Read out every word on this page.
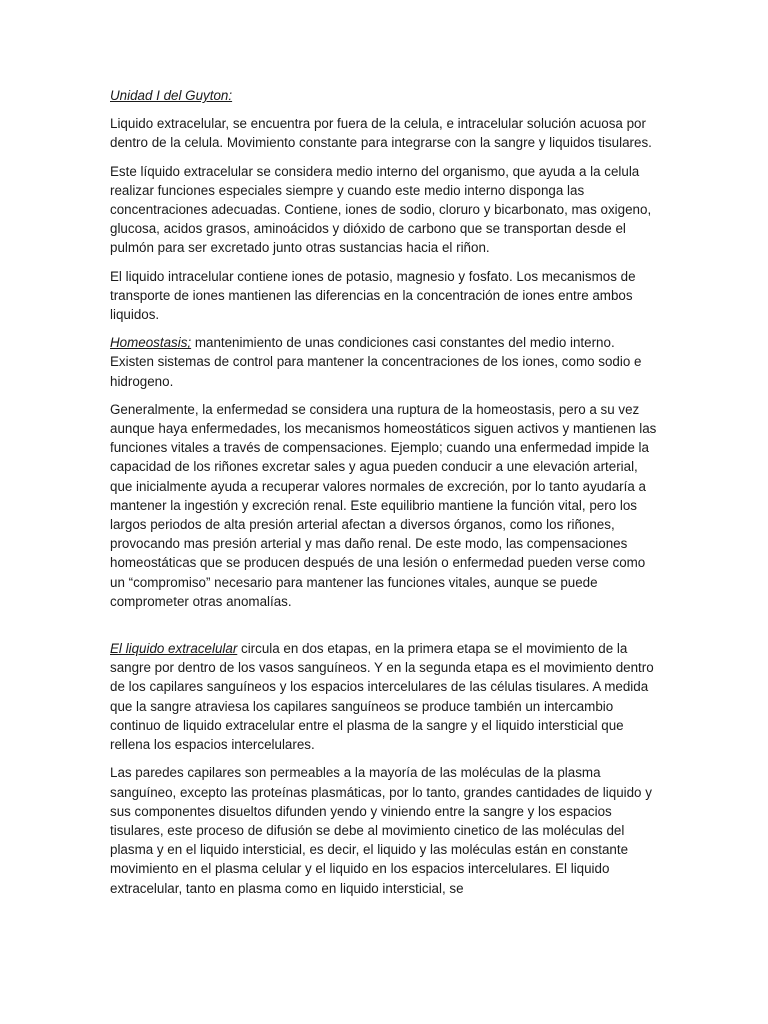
Unidad I del Guyton:

Liquido extracelular, se encuentra por fuera de la celula, e intracelular solución acuosa por dentro de la celula. Movimiento constante para integrarse con la sangre y liquidos tisulares.

Este líquido extracelular se considera medio interno del organismo, que ayuda a la celula realizar funciones especiales siempre y cuando este medio interno disponga las concentraciones adecuadas. Contiene, iones de sodio, cloruro y bicarbonato, mas oxigeno, glucosa, acidos grasos, aminoácidos y dióxido de carbono que se transportan desde el pulmón para ser excretado junto otras sustancias hacia el riñon.

El liquido intracelular contiene iones de potasio, magnesio y fosfato. Los mecanismos de transporte de iones mantienen las diferencias en la concentración de iones entre ambos liquidos.

Homeostasis; mantenimiento de unas condiciones casi constantes del medio interno. Existen sistemas de control para mantener la concentraciones de los iones, como sodio e hidrogeno.

Generalmente, la enfermedad se considera una ruptura de la homeostasis, pero a su vez aunque haya enfermedades, los mecanismos homeostáticos siguen activos y mantienen las funciones vitales a través de compensaciones. Ejemplo; cuando una enfermedad impide la capacidad de los riñones excretar sales y agua pueden conducir a une elevación arterial, que inicialmente ayuda a recuperar valores normales de excreción, por lo tanto ayudaría a mantener la ingestión y excreción renal. Este equilibrio mantiene la función vital, pero los largos periodos de alta presión arterial afectan a diversos órganos, como los riñones, provocando mas presión arterial y mas daño renal. De este modo, las compensaciones homeostáticas que se producen después de una lesión o enfermedad pueden verse como un “compromiso” necesario para mantener las funciones vitales, aunque se puede comprometer otras anomalías.

El liquido extracelular circula en dos etapas, en la primera etapa se el movimiento de la sangre por dentro de los vasos sanguíneos. Y en la segunda etapa es el movimiento dentro de los capilares sanguíneos y los espacios intercelulares de las células tisulares. A medida que la sangre atraviesa los capilares sanguíneos se produce también un intercambio continuo de liquido extracelular entre el plasma de la sangre y el liquido intersticial que rellena los espacios intercelulares.

Las paredes capilares son permeables a la mayoría de las moléculas de la plasma sanguíneo, excepto las proteínas plasmáticas, por lo tanto, grandes cantidades de liquido y sus componentes disueltos difunden yendo y viniendo entre la sangre y los espacios tisulares, este proceso de difusión se debe al movimiento cinetico de las moléculas del plasma y en el liquido intersticial, es decir, el liquido y las moléculas están en constante movimiento en el plasma celular y el liquido en los espacios intercelulares. El liquido extracelular, tanto en plasma como en liquido intersticial, se
